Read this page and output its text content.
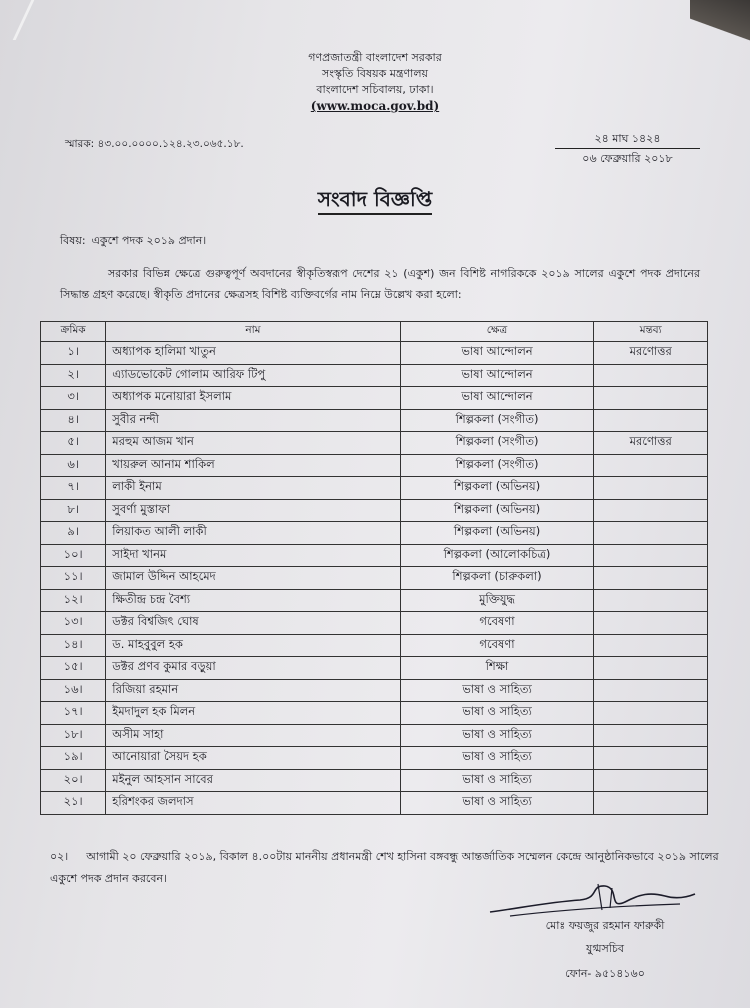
গণপ্রজাতন্ত্রী বাংলাদেশ সরকার
সংস্কৃতি বিষয়ক মন্ত্রণালয়
বাংলাদেশ সচিবালয়, ঢাকা।
(www.moca.gov.bd)
স্মারক: ৪৩.০০.০০০০.১২৪.২৩.০৬৫.১৮.	২৪ মাঘ ১৪২৪
০৬ ফেব্রুয়ারি ২০১৮
সংবাদ বিজ্ঞপ্তি
বিষয়: একুশে পদক ২০১৯ প্রদান।
সরকার বিভিন্ন ক্ষেত্রে গুরুত্বপূর্ণ অবদানের স্বীকৃতিস্বরূপ দেশের ২১ (একুশ) জন বিশিষ্ট নাগরিককে ২০১৯ সালের একুশে পদক প্রদানের সিদ্ধান্ত গ্রহণ করেছে। স্বীকৃতি প্রদানের ক্ষেত্রসহ বিশিষ্ট ব্যক্তিবর্গের নাম নিম্নে উল্লেখ করা হলো:
ক্রমিক	নাম	ক্ষেত্র	মন্তব্য
১।	অধ্যাপক হালিমা খাতুন	ভাষা আন্দোলন	মরণোত্তর
২।	এ্যাডভোকেট গোলাম আরিফ টিপু	ভাষা আন্দোলন	
৩।	অধ্যাপক মনোয়ারা ইসলাম	ভাষা আন্দোলন	
৪।	সুবীর নন্দী	শিল্পকলা (সংগীত)	
৫।	মরহুম আজম খান	শিল্পকলা (সংগীত)	মরণোত্তর
৬।	খায়রুল আনাম শাকিল	শিল্পকলা (সংগীত)	
৭।	লাকী ইনাম	শিল্পকলা (অভিনয়)	
৮।	সুবর্ণা মুস্তাফা	শিল্পকলা (অভিনয়)	
৯।	লিয়াকত আলী লাকী	শিল্পকলা (অভিনয়)	
১০।	সাইদা খানম	শিল্পকলা (আলোকচিত্র)	
১১।	জামাল উদ্দিন আহমেদ	শিল্পকলা (চারুকলা)	
১২।	ক্ষিতীন্দ্র চন্দ্র বৈশ্য	মুক্তিযুদ্ধ	
১৩।	ডক্টর বিশ্বজিৎ ঘোষ	গবেষণা	
১৪।	ড. মাহবুবুল হক	গবেষণা	
১৫।	ডক্টর প্রণব কুমার বড়ুয়া	শিক্ষা	
১৬।	রিজিয়া রহমান	ভাষা ও সাহিত্য	
১৭।	ইমদাদুল হক মিলন	ভাষা ও সাহিত্য	
১৮।	অসীম সাহা	ভাষা ও সাহিত্য	
১৯।	আনোয়ারা সৈয়দ হক	ভাষা ও সাহিত্য	
২০।	মইনুল আহসান সাবের	ভাষা ও সাহিত্য	
২১।	হরিশংকর জলদাস	ভাষা ও সাহিত্য	
০২। আগামী ২০ ফেব্রুয়ারি ২০১৯, বিকাল ৪.০০টায় মাননীয় প্রধানমন্ত্রী শেখ হাসিনা বঙ্গবন্ধু আন্তর্জাতিক সম্মেলন কেন্দ্রে আনুষ্ঠানিকভাবে ২০১৯ সালের একুশে পদক প্রদান করবেন।
মোঃ ফয়জুর রহমান ফারুকী
যুগ্মসচিব
ফোন- ৯৫১৪১৬০
